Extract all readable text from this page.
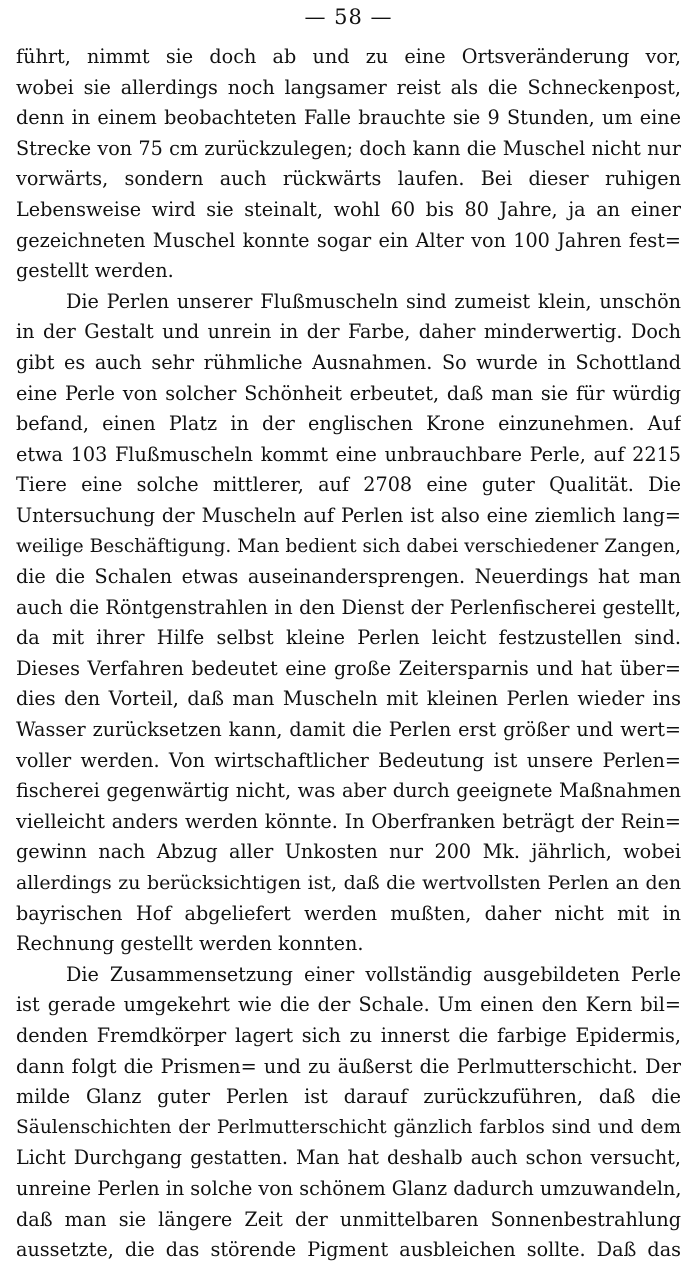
— 58 —
führt, nimmt sie doch ab und zu eine Ortsveränderung vor,
wobei sie allerdings noch langsamer reist als die Schneckenpost,
denn in einem beobachteten Falle brauchte sie 9 Stunden, um eine
Strecke von 75 cm zurückzulegen; doch kann die Muschel nicht nur
vorwärts, sondern auch rückwärts laufen. Bei dieser ruhigen
Lebensweise wird sie steinalt, wohl 60 bis 80 Jahre, ja an einer
gezeichneten Muschel konnte sogar ein Alter von 100 Jahren fest=
gestellt werden.
Die Perlen unserer Flußmuscheln sind zumeist klein, unschön
in der Gestalt und unrein in der Farbe, daher minderwertig. Doch
gibt es auch sehr rühmliche Ausnahmen. So wurde in Schottland
eine Perle von solcher Schönheit erbeutet, daß man sie für würdig
befand, einen Platz in der englischen Krone einzunehmen. Auf
etwa 103 Flußmuscheln kommt eine unbrauchbare Perle, auf 2215
Tiere eine solche mittlerer, auf 2708 eine guter Qualität. Die
Untersuchung der Muscheln auf Perlen ist also eine ziemlich lang=
weilige Beschäftigung. Man bedient sich dabei verschiedener Zangen,
die die Schalen etwas auseinandersprengen. Neuerdings hat man
auch die Röntgenstrahlen in den Dienst der Perlenfischerei gestellt,
da mit ihrer Hilfe selbst kleine Perlen leicht festzustellen sind.
Dieses Verfahren bedeutet eine große Zeitersparnis und hat über=
dies den Vorteil, daß man Muscheln mit kleinen Perlen wieder ins
Wasser zurücksetzen kann, damit die Perlen erst größer und wert=
voller werden. Von wirtschaftlicher Bedeutung ist unsere Perlen=
fischerei gegenwärtig nicht, was aber durch geeignete Maßnahmen
vielleicht anders werden könnte. In Oberfranken beträgt der Rein=
gewinn nach Abzug aller Unkosten nur 200 Mk. jährlich, wobei
allerdings zu berücksichtigen ist, daß die wertvollsten Perlen an den
bayrischen Hof abgeliefert werden mußten, daher nicht mit in
Rechnung gestellt werden konnten.
Die Zusammensetzung einer vollständig ausgebildeten Perle
ist gerade umgekehrt wie die der Schale. Um einen den Kern bil=
denden Fremdkörper lagert sich zu innerst die farbige Epidermis,
dann folgt die Prismen= und zu äußerst die Perlmutterschicht. Der
milde Glanz guter Perlen ist darauf zurückzuführen, daß die
Säulenschichten der Perlmutterschicht gänzlich farblos sind und dem
Licht Durchgang gestatten. Man hat deshalb auch schon versucht,
unreine Perlen in solche von schönem Glanz dadurch umzuwandeln,
daß man sie längere Zeit der unmittelbaren Sonnenbestrahlung
aussetzte, die das störende Pigment ausbleichen sollte. Daß das
